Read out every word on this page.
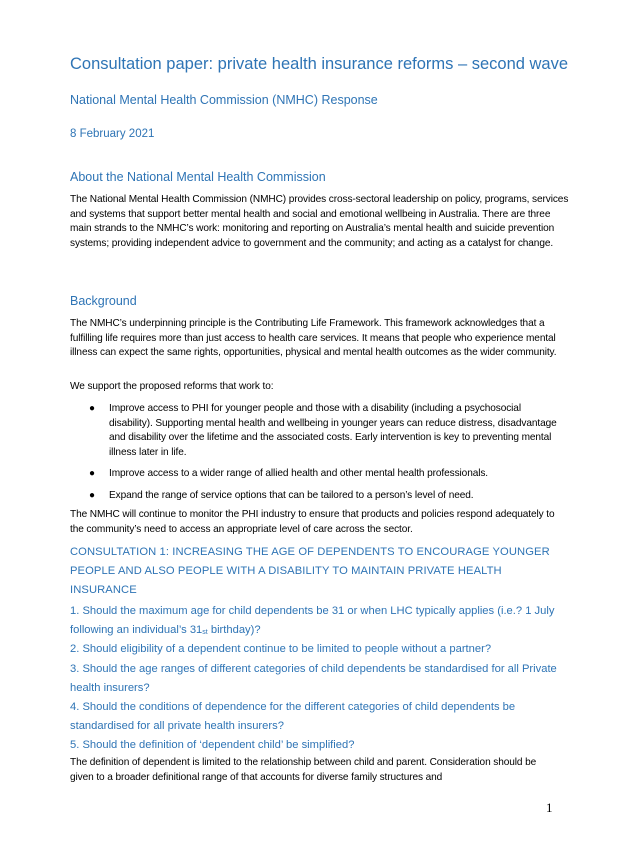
Consultation paper: private health insurance reforms – second wave
National Mental Health Commission (NMHC) Response

8 February 2021

About the National Mental Health Commission

The National Mental Health Commission (NMHC) provides cross-sectoral leadership on policy, programs, services and systems that support better mental health and social and emotional wellbeing in Australia. There are three main strands to the NMHC’s work: monitoring and reporting on Australia’s mental health and suicide prevention systems; providing independent advice to government and the community; and acting as a catalyst for change.

Background

The NMHC’s underpinning principle is the Contributing Life Framework. This framework acknowledges that a fulfilling life requires more than just access to health care services. It means that people who experience mental illness can expect the same rights, opportunities, physical and mental health outcomes as the wider community.

We support the proposed reforms that work to:

● Improve access to PHI for younger people and those with a disability (including a psychosocial disability). Supporting mental health and wellbeing in younger years can reduce distress, disadvantage and disability over the lifetime and the associated costs. Early intervention is key to preventing mental illness later in life.
● Improve access to a wider range of allied health and other mental health professionals.
● Expand the range of service options that can be tailored to a person’s level of need.

The NMHC will continue to monitor the PHI industry to ensure that products and policies respond adequately to the community’s need to access an appropriate level of care across the sector.

CONSULTATION 1: INCREASING THE AGE OF DEPENDENTS TO ENCOURAGE YOUNGER PEOPLE AND ALSO PEOPLE WITH A DISABILITY TO MAINTAIN PRIVATE HEALTH INSURANCE

1. Should the maximum age for child dependents be 31 or when LHC typically applies (i.e.? 1 July following an individual’s $31_{st}$ birthday)?

2. Should eligibility of a dependent continue to be limited to people without a partner?

3. Should the age ranges of different categories of child dependents be standardised for all Private health insurers?

4. Should the conditions of dependence for the different categories of child dependents be standardised for all private health insurers?

5. Should the definition of ‘dependent child’ be simplified?

The definition of dependent is limited to the relationship between child and parent. Consideration should be given to a broader definitional range of that accounts for diverse family structures and

1
